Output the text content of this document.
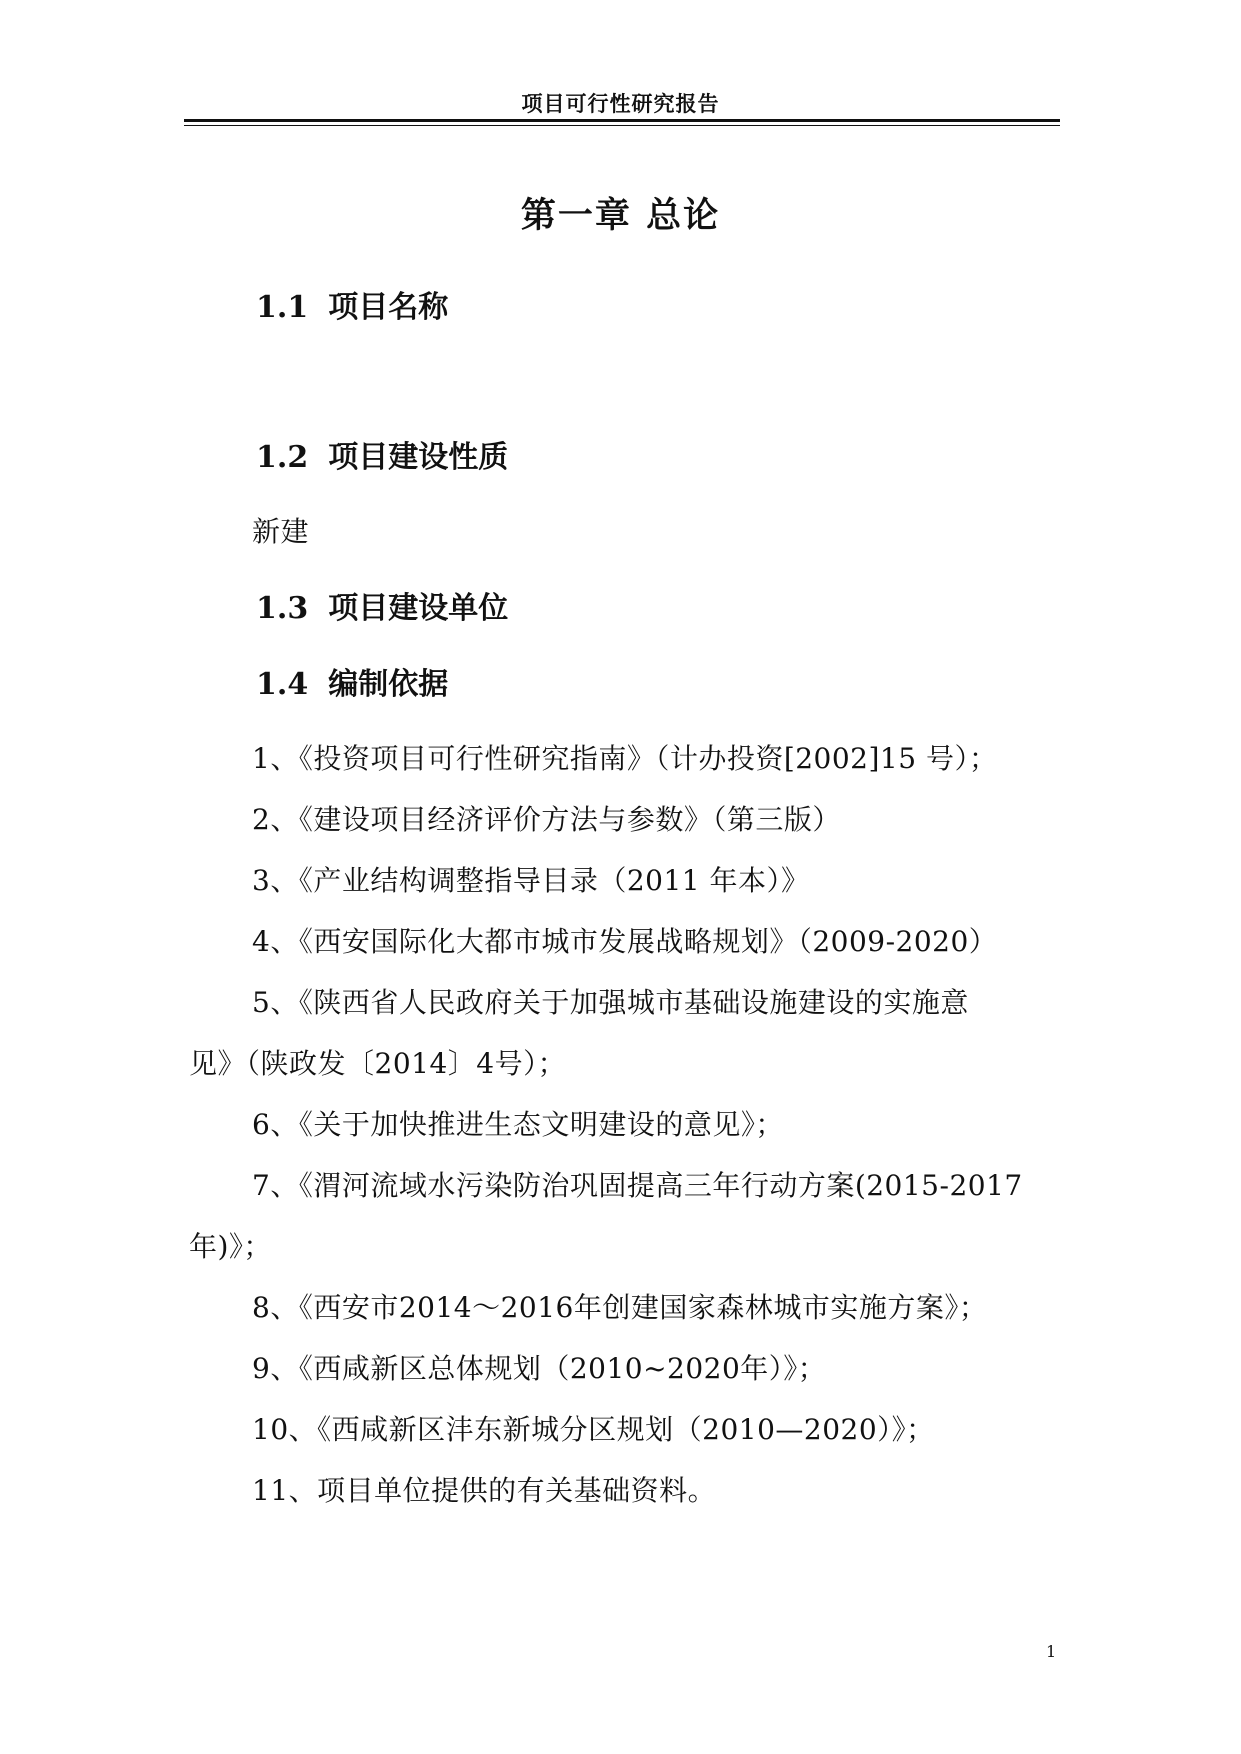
项目可行性研究报告
第一章 总论
1.1 项目名称
1.2 项目建设性质
新建
1.3 项目建设单位
1.4 编制依据
1、《投资项目可行性研究指南》（计办投资[2002]15 号）；
2、《建设项目经济评价方法与参数》（第三版）
3、《产业结构调整指导目录（2011 年本）》
4、《西安国际化大都市城市发展战略规划》（2009-2020）
5、《陕西省人民政府关于加强城市基础设施建设的实施意
见》（陕政发〔2014〕4号）；
6、《关于加快推进生态文明建设的意见》；
7、《渭河流域水污染防治巩固提高三年行动方案(2015-2017
年)》；
8、《西安市2014～2016年创建国家森林城市实施方案》；
9、《西咸新区总体规划（2010~2020年）》；
10、《西咸新区沣东新城分区规划（2010—2020）》；
11、项目单位提供的有关基础资料。
1
